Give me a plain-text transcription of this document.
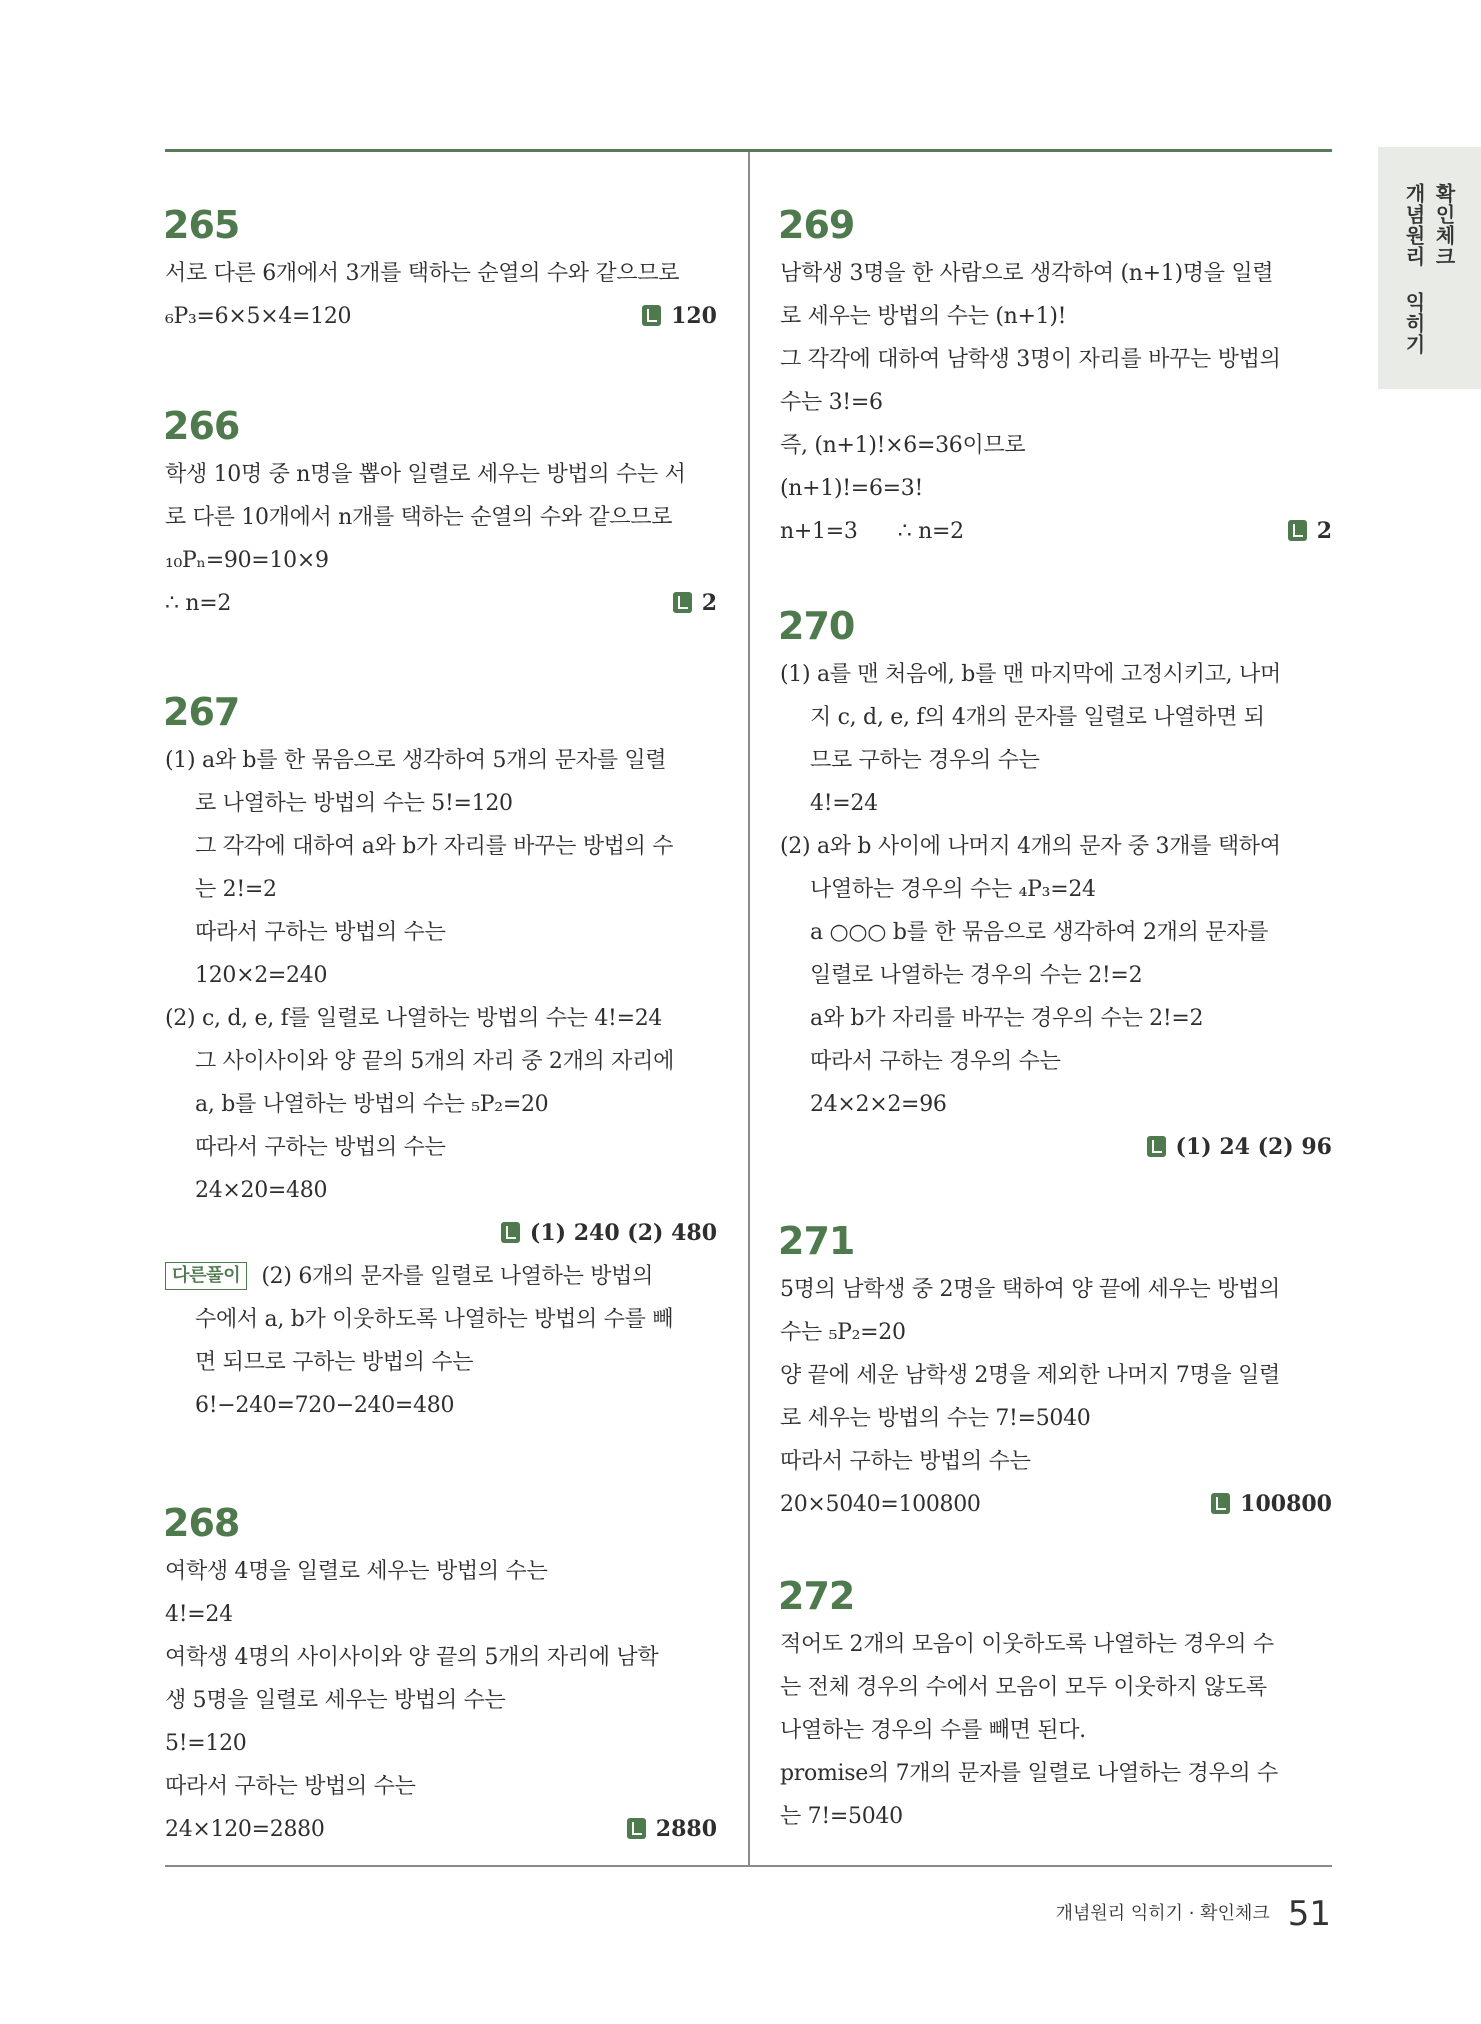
확인체크
개념원리 익히기
265
서로 다른 6개에서 3개를 택하는 순열의 수와 같으므로
₆P₃=6×5×4=120	120
266
학생 10명 중 n명을 뽑아 일렬로 세우는 방법의 수는 서
로 다른 10개에서 n개를 택하는 순열의 수와 같으므로
₁₀Pₙ=90=10×9
∴ n=2	2
267
(1) a와 b를 한 묶음으로 생각하여 5개의 문자를 일렬
로 나열하는 방법의 수는 5!=120
그 각각에 대하여 a와 b가 자리를 바꾸는 방법의 수
는 2!=2
따라서 구하는 방법의 수는
120×2=240
(2) c, d, e, f를 일렬로 나열하는 방법의 수는 4!=24
그 사이사이와 양 끝의 5개의 자리 중 2개의 자리에
a, b를 나열하는 방법의 수는 ₅P₂=20
따라서 구하는 방법의 수는
24×20=480
(1) 240 (2) 480
다른풀이 (2) 6개의 문자를 일렬로 나열하는 방법의
수에서 a, b가 이웃하도록 나열하는 방법의 수를 빼
면 되므로 구하는 방법의 수는
6!−240=720−240=480
268
여학생 4명을 일렬로 세우는 방법의 수는
4!=24
여학생 4명의 사이사이와 양 끝의 5개의 자리에 남학
생 5명을 일렬로 세우는 방법의 수는
5!=120
따라서 구하는 방법의 수는
24×120=2880	2880
269
남학생 3명을 한 사람으로 생각하여 (n+1)명을 일렬
로 세우는 방법의 수는 (n+1)!
그 각각에 대하여 남학생 3명이 자리를 바꾸는 방법의
수는 3!=6
즉, (n+1)!×6=36이므로
(n+1)!=6=3!
n+1=3      ∴ n=2	2
270
(1) a를 맨 처음에, b를 맨 마지막에 고정시키고, 나머
지 c, d, e, f의 4개의 문자를 일렬로 나열하면 되
므로 구하는 경우의 수는
4!=24
(2) a와 b 사이에 나머지 4개의 문자 중 3개를 택하여
나열하는 경우의 수는 ₄P₃=24
a ○○○ b를 한 묶음으로 생각하여 2개의 문자를
일렬로 나열하는 경우의 수는 2!=2
a와 b가 자리를 바꾸는 경우의 수는 2!=2
따라서 구하는 경우의 수는
24×2×2=96
(1) 24 (2) 96
271
5명의 남학생 중 2명을 택하여 양 끝에 세우는 방법의
수는 ₅P₂=20
양 끝에 세운 남학생 2명을 제외한 나머지 7명을 일렬
로 세우는 방법의 수는 7!=5040
따라서 구하는 방법의 수는
20×5040=100800	100800
272
적어도 2개의 모음이 이웃하도록 나열하는 경우의 수
는 전체 경우의 수에서 모음이 모두 이웃하지 않도록
나열하는 경우의 수를 빼면 된다.
promise의 7개의 문자를 일렬로 나열하는 경우의 수
는 7!=5040
개념원리 익히기 · 확인체크 51
